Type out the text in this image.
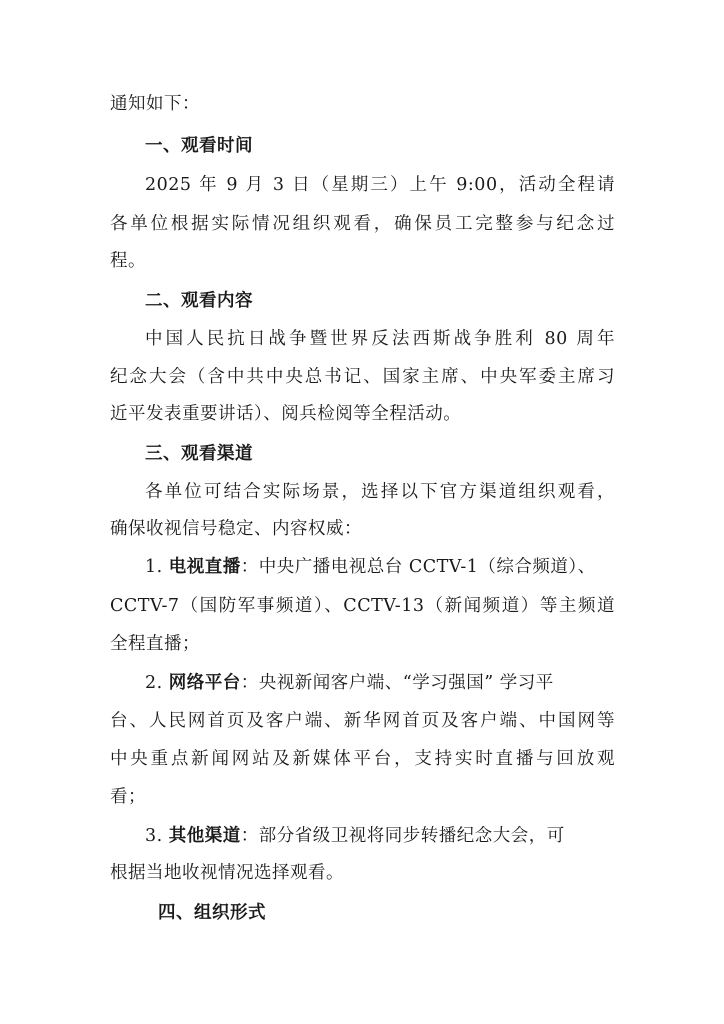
通知如下：
一、观看时间
2025 年 9 月 3 日（星期三）上午 9:00，活动全程请
各单位根据实际情况组织观看，确保员工完整参与纪念过
程。
二、观看内容
中国人民抗日战争暨世界反法西斯战争胜利 80 周年
纪念大会（含中共中央总书记、国家主席、中央军委主席习
近平发表重要讲话）、阅兵检阅等全程活动。
三、观看渠道
各单位可结合实际场景，选择以下官方渠道组织观看，
确保收视信号稳定、内容权威：
1. 电视直播：中央广播电视总台 CCTV-1（综合频道）、
CCTV-7（国防军事频道）、CCTV-13（新闻频道）等主频道
全程直播；
2. 网络平台：央视新闻客户端、“学习强国” 学习平
台、人民网首页及客户端、新华网首页及客户端、中国网等
中央重点新闻网站及新媒体平台，支持实时直播与回放观
看；
3. 其他渠道：部分省级卫视将同步转播纪念大会，可
根据当地收视情况选择观看。
四、组织形式
